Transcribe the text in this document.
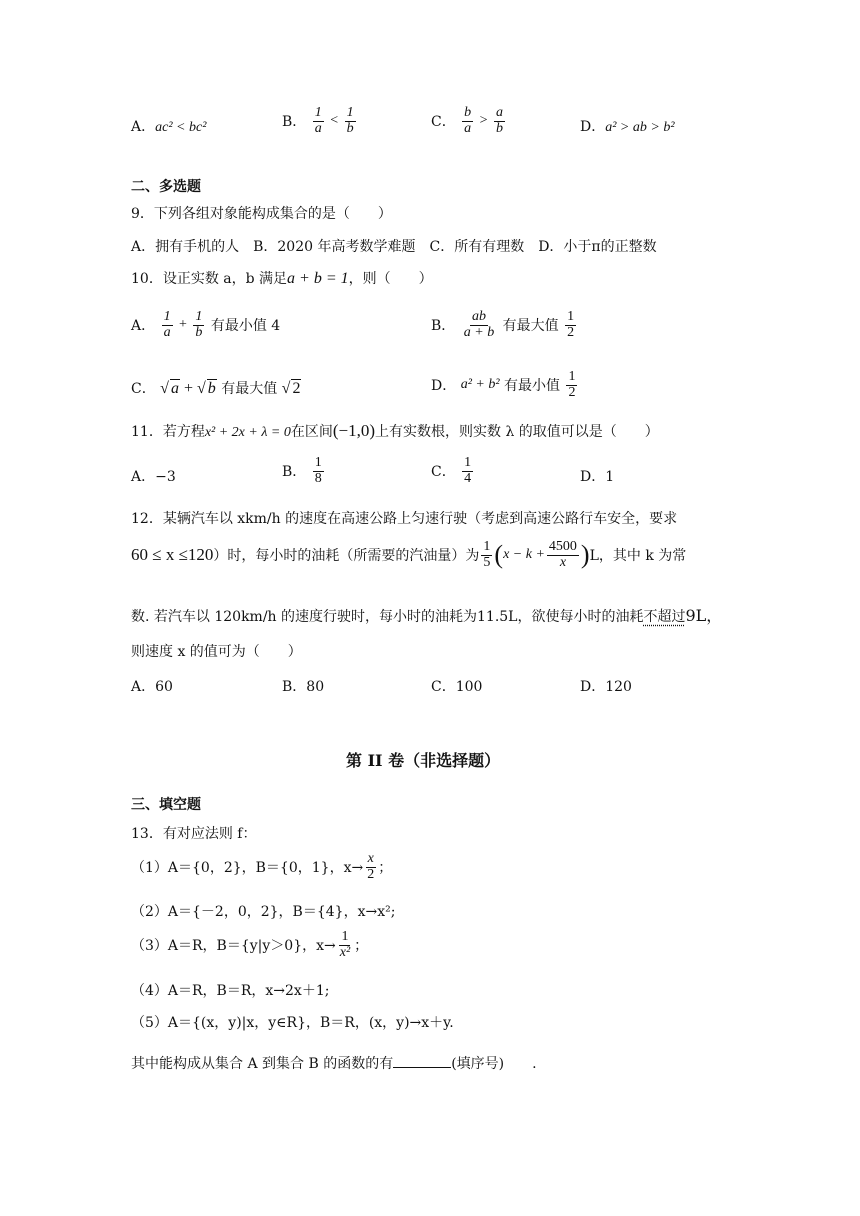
A．ac² < bc²	B． $\frac{1}{a} < \frac{1}{b}$	C． $\frac{b}{a} > \frac{a}{b}$	D．a² > ab > b²
二、多选题
9．下列各组对象能构成集合的是（　　）
A．拥有手机的人　B．2020 年高考数学难题　C．所有有理数　D．小于π的正整数
10．设正实数 a，b 满足a + b = 1，则（　　）
A． $\frac{1}{a} + \frac{1}{b}$ 有最小值 4	B． $\frac{ab}{a + b}$ 有最大值 $\frac{1}{2}$
C． √ a + √ b 有最大值 √ 2	D． a² + b² 有最小值 $\frac{1}{2}$
11．若方程x² + 2x + λ = 0在区间(−1,0)上有实数根，则实数 λ 的取值可以是（　　）
A．−3	B． $\frac{1}{8}$	C． $\frac{1}{4}$	D．1
12．某辆汽车以 xkm/h 的速度在高速公路上匀速行驶（考虑到高速公路行车安全，要求
60 ≤ x ≤120）时，每小时的油耗（所需要的汽油量）为 $\frac{1}{5} (x - k + \frac{4500}{x} )L$，其中 k 为常
数. 若汽车以 120km/h 的速度行驶时，每小时的油耗为11.5L，欲使每小时的油耗不超过9L，
则速度 x 的值可为（　　）
A．60	B．80	C．100	D．120
第 II 卷（非选择题）
三、填空题
13．有对应法则 f：
（1）A＝{0，2}，B＝{0，1}，$x\to \frac{x}{2}$ ；
（2）A＝{－2，0，2}，B＝{4}，x→x²;
（3）A＝R，B＝{y|y＞0}，$x\to \frac{1}{\text{x²}}$ ；
（4）A＝R，B＝R，x→2x＋1;
（5）A＝{(x，y)|x，y∈R}，B＝R，(x，y)→x＋y.
其中能构成从集合 A 到集合 B 的函数的有	(填序号)　　.
